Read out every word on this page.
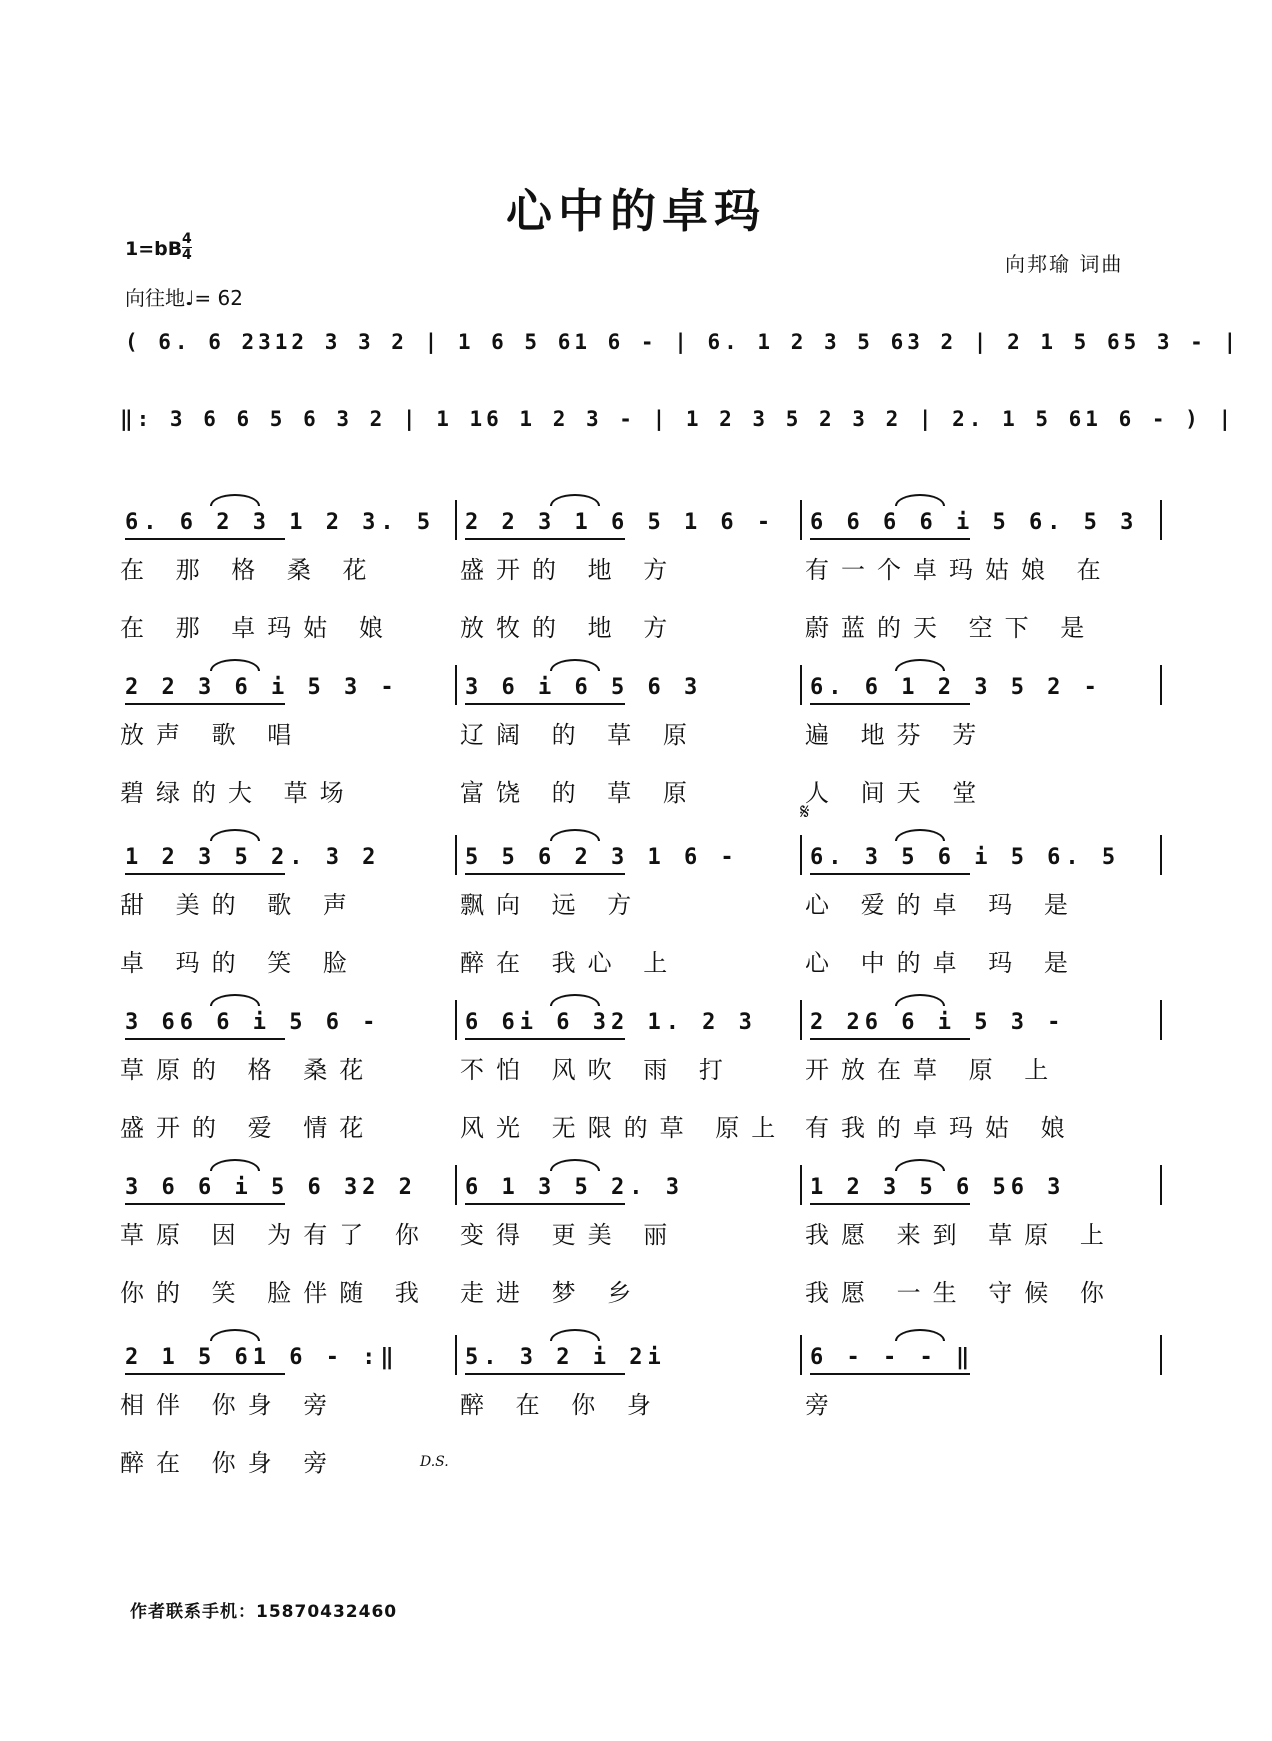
心中的卓玛
1=bB 4
4
向往地♩= 62
向邦瑜 词曲
( 6. 6 2312 3 3 2 | 1 6 5 61 6 - | 6. 1 2 3 5 63 2 | 2 1 5 65 3 - |
‖: 3 6 6 5 6 3 2 | 1 16 1 2 3 - | 1 2 3 5 2 3 2 | 2. 1 5 61 6 - ) |
6. 6 2 3 1 2 3. 5
在 那 格 桑 花
在 那 卓玛姑 娘
2 2 3 1 6 5 1 6 -
盛开的 地 方
放牧的 地 方
6 6 6 6 i 5 6. 5 3
有一个卓玛姑娘 在
蔚蓝的天 空下 是
2 2 3 6 i 5 3 -
放声 歌 唱
碧绿的大 草场
3 6 i 6 5 6 3
辽阔 的 草 原
富饶 的 草 原
6. 6 1 2 3 5 2 -
遍 地芬 芳
人 间天 堂
1 2 3 5 2. 3 2
甜 美的 歌 声
卓 玛的 笑 脸
5 5 6 2 3 1 6 -
飘向 远 方
醉在 我心 上
6. 3 5 6 i 5 6. 5
心 爱的卓 玛 是
心 中的卓 玛 是
3 66 6 i 5 6 -
草原的 格 桑花
盛开的 爱 情花
6 6i 6 32 1. 2 3
不怕 风吹 雨 打
风光 无限的草 原上
2 26 6 i 5 3 -
开放在草 原 上
有我的卓玛姑 娘
3 6 6 i 5 6 32 2
草原 因 为有了 你
你的 笑 脸伴随 我
6 1 3 5 2. 3
变得 更美 丽
走进 梦 乡
1 2 3 5 6 56 3
我愿 来到 草原 上
我愿 一生 守候 你
2 1 5 61 6 - :‖
相伴 你身 旁
醉在 你身 旁
5. 3 2 i 2i
醉 在 你 身
6 - - - ‖
旁
𝄋
D.S.
作者联系手机：15870432460
